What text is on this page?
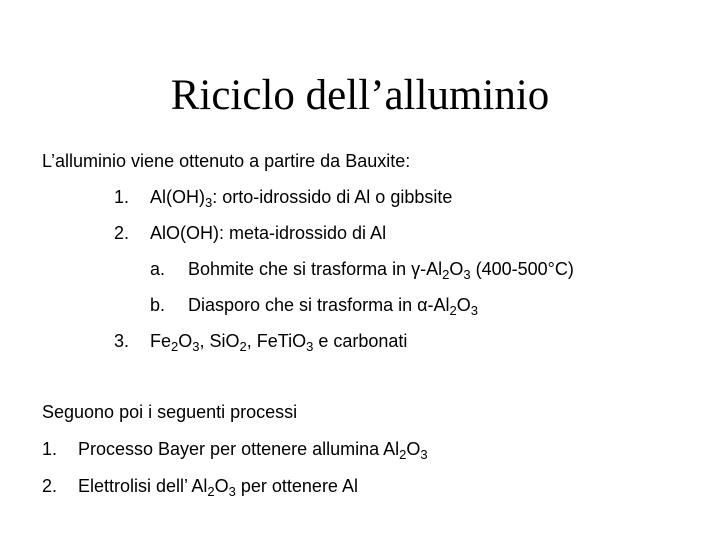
Riciclo dell’alluminio
L’alluminio viene ottenuto a partire da Bauxite:
1. $Al(OH)_3$: orto-idrossido di Al o gibbsite
2. AlO(OH): meta-idrossido di Al
a. Bohmite che si trasforma in $\gamma-Al_2O_3$ (400-500°C)
b. Diasporo che si trasforma in $\alpha-Al_2O_3$
3. $Fe_2O_3$, SiO$_2$, FeTiO$_3$ e carbonati
Seguono poi i seguenti processi
1. Processo Bayer per ottenere allumina $Al_2O_3$
2. Elettrolisi dell’ $Al_2O_3$ per ottenere Al
